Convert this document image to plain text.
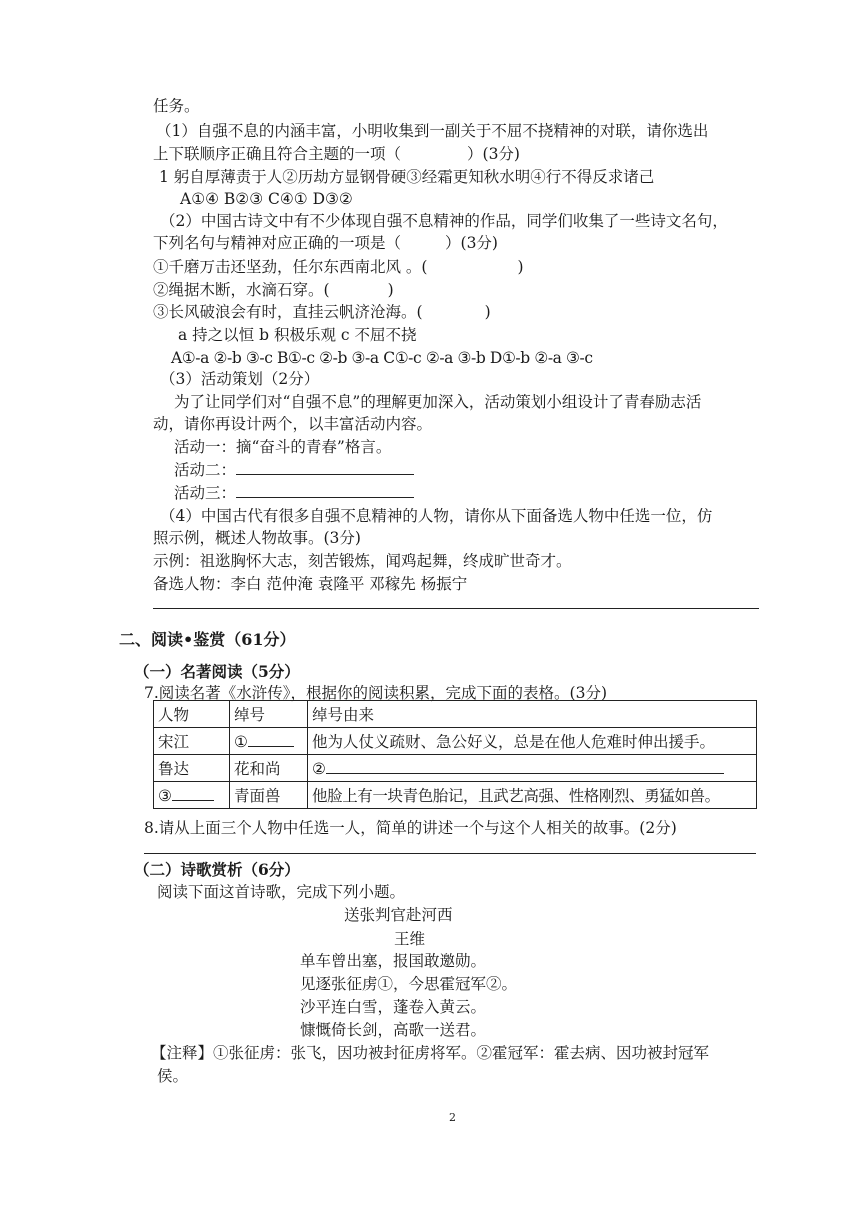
任务。
（1）自强不息的内涵丰富，小明收集到一副关于不屈不挠精神的对联，请你选出
上下联顺序正确且符合主题的一项（	）(3分)
1 躬自厚薄责于人②历劫方显钢骨硬③经霜更知秋水明④行不得反求诸己
A①④ B②③ C④① D③②
（2）中国古诗文中有不少体现自强不息精神的作品，同学们收集了一些诗文名句，
下列名句与精神对应正确的一项是（	）(3分)
①千磨万击还坚劲，任尔东西南北风 。(	)
②绳据木断，水滴石穿。(	)
③长风破浪会有时，直挂云帆济沧海。(	)
a 持之以恒 b 积极乐观 c 不屈不挠
A①-a ②-b ③-c B①-c ②-b ③-a C①-c ②-a ③-b D①-b ②-a ③-c
（3）活动策划（2分）
为了让同学们对“自强不息”的理解更加深入，活动策划小组设计了青春励志活
动，请你再设计两个，以丰富活动内容。
活动一：摘“奋斗的青春”格言。
活动二：
活动三：
（4）中国古代有很多自强不息精神的人物，请你从下面备选人物中任选一位，仿
照示例，概述人物故事。(3分)
示例：祖逖胸怀大志，刻苦锻炼，闻鸡起舞，终成旷世奇才。
备选人物：李白 范仲淹 袁隆平 邓稼先 杨振宁
二、阅读•鉴赏（61分）
（一）名著阅读（5分）
7.阅读名著《水浒传》，根据你的阅读积累，完成下面的表格。(3分)
人物	绰号	绰号由来
宋江	①	他为人仗义疏财、急公好义，总是在他人危难时伸出援手。
鲁达	花和尚	②
③	青面兽	他脸上有一块青色胎记，且武艺高强、性格刚烈、勇猛如兽。
8.请从上面三个人物中任选一人，简单的讲述一个与这个人相关的故事。(2分)
（二）诗歌赏析（6分）
阅读下面这首诗歌，完成下列小题。
送张判官赴河西
王维
单车曾出塞，报国敢邀勋。
见逐张征虏①，今思霍冠军②。
沙平连白雪，蓬卷入黄云。
慷慨倚长剑，高歌一送君。
【注释】①张征虏：张飞，因功被封征虏将军。②霍冠军：霍去病、因功被封冠军
侯。
2
